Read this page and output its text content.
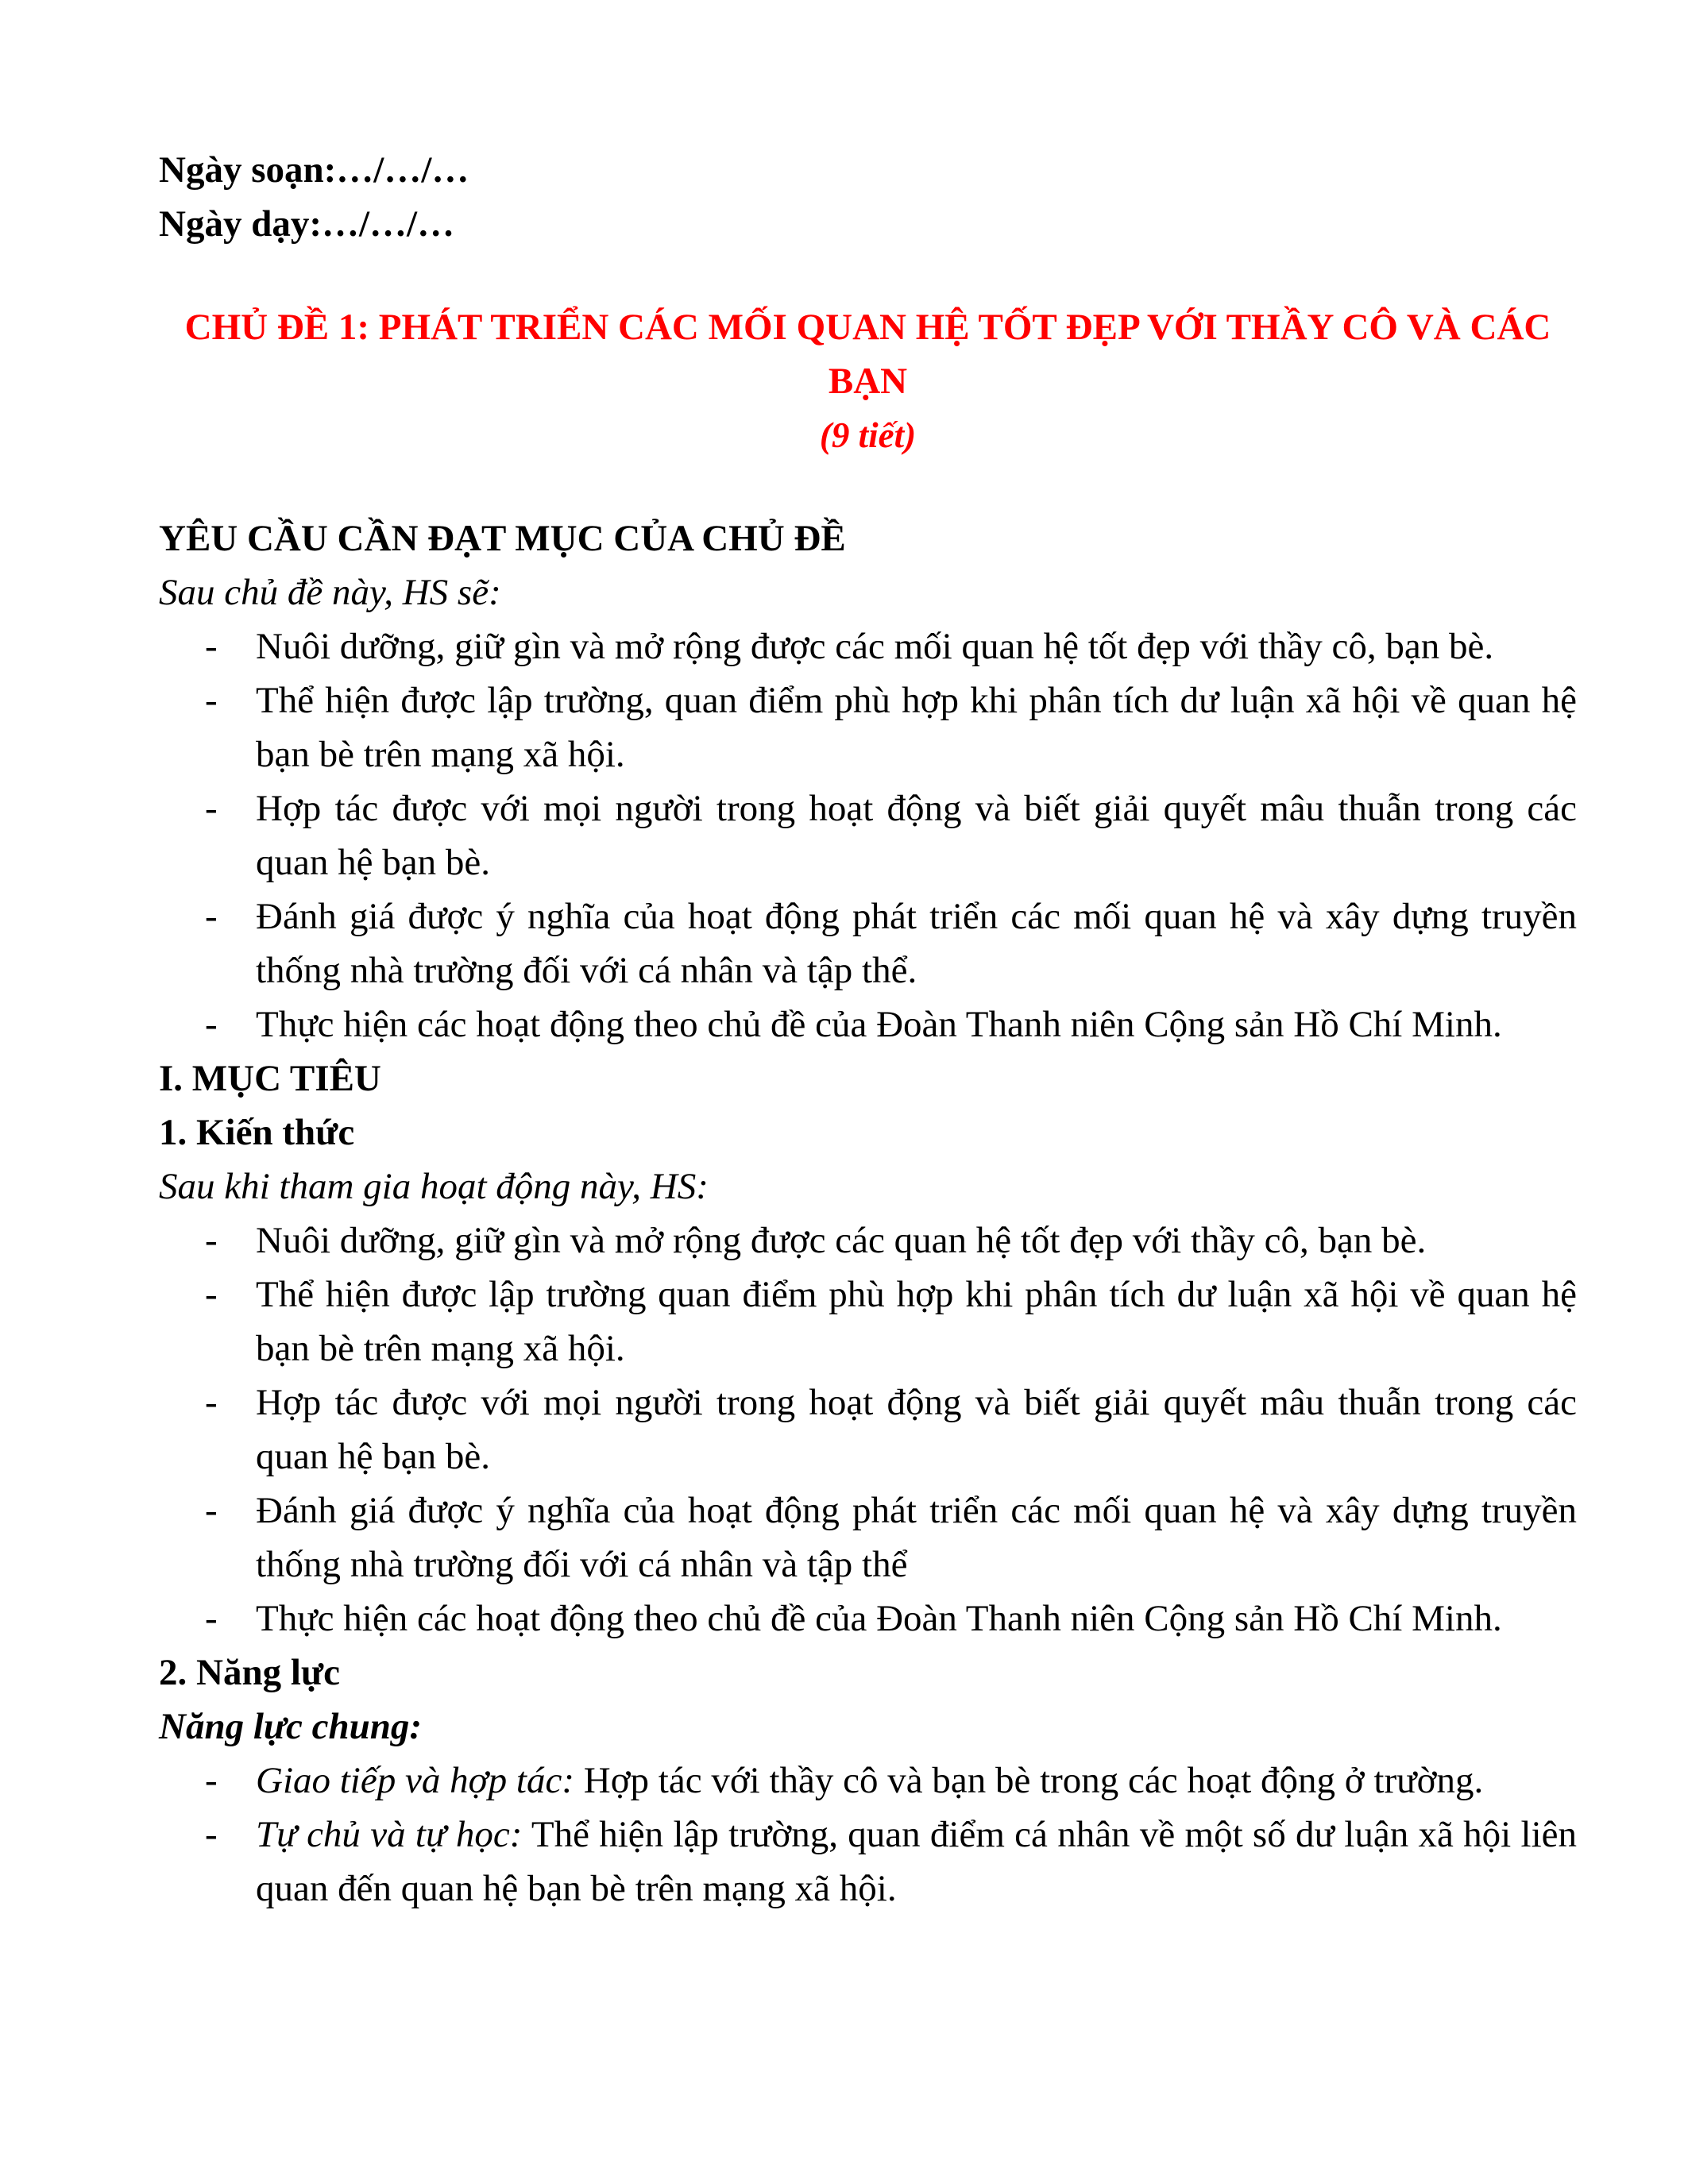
Ngày soạn:…/…/…

Ngày dạy:…/…/…

CHỦ ĐỀ 1: PHÁT TRIỂN CÁC MỐI QUAN HỆ TỐT ĐẸP VỚI THẦY CÔ VÀ CÁC BẠN
(9 tiết)

YÊU CẦU CẦN ĐẠT MỤC CỦA CHỦ ĐỀ

Sau chủ đề này, HS sẽ:

- Nuôi dưỡng, giữ gìn và mở rộng được các mối quan hệ tốt đẹp với thầy cô, bạn bè.
- Thể hiện được lập trường, quan điểm phù hợp khi phân tích dư luận xã hội về quan hệ bạn bè trên mạng xã hội.
- Hợp tác được với mọi người trong hoạt động và biết giải quyết mâu thuẫn trong các quan hệ bạn bè.
- Đánh giá được ý nghĩa của hoạt động phát triển các mối quan hệ và xây dựng truyền thống nhà trường đối với cá nhân và tập thể.
- Thực hiện các hoạt động theo chủ đề của Đoàn Thanh niên Cộng sản Hồ Chí Minh.

I. MỤC TIÊU

1. Kiến thức

Sau khi tham gia hoạt động này, HS:

- Nuôi dưỡng, giữ gìn và mở rộng được các quan hệ tốt đẹp với thầy cô, bạn bè.
- Thể hiện được lập trường quan điểm phù hợp khi phân tích dư luận xã hội về quan hệ bạn bè trên mạng xã hội.
- Hợp tác được với mọi người trong hoạt động và biết giải quyết mâu thuẫn trong các quan hệ bạn bè.
- Đánh giá được ý nghĩa của hoạt động phát triển các mối quan hệ và xây dựng truyền thống nhà trường đối với cá nhân và tập thể
- Thực hiện các hoạt động theo chủ đề của Đoàn Thanh niên Cộng sản Hồ Chí Minh.

2. Năng lực

Năng lực chung:

- Giao tiếp và hợp tác: Hợp tác với thầy cô và bạn bè trong các hoạt động ở trường.
- Tự chủ và tự học: Thể hiện lập trường, quan điểm cá nhân về một số dư luận xã hội liên quan đến quan hệ bạn bè trên mạng xã hội.
